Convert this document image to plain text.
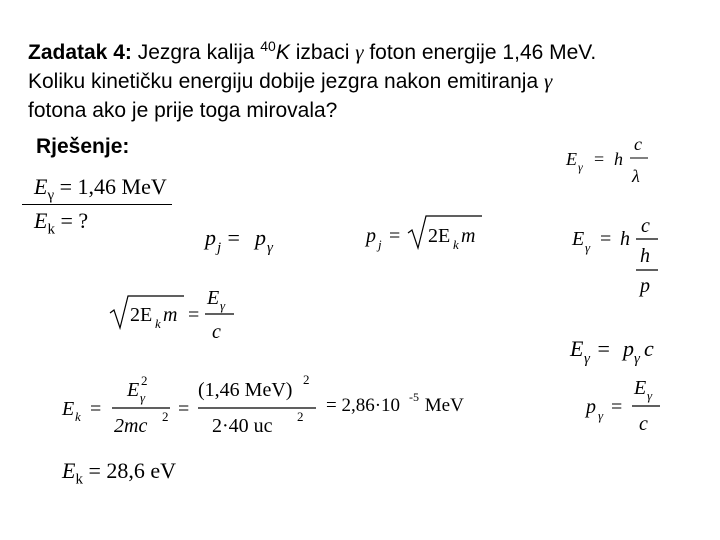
Zadatak 4: Jezgra kalija $^{40}$K izbaci γ foton energije 1,46 MeV.
Koliku kinetičku energiju dobije jezgra nakon emitiranja γ
fotona ako je prije toga mirovala?
Rješenje:
$E_\gamma = 1,46$ MeV
$E_k$ = ?
$E_k = 28,6$ eV
p j = p γ
p j = 2E k m
2E k m =
E γ
c
E k =
E γ
2
2mc 2 =
(1,46 MeV) 2
2·40 uc 2
= 2,86·10 -5 MeV
E γ = h
c
λ
E γ = h
c
h
p
E γ = p γ c
p γ =
E γ
c
